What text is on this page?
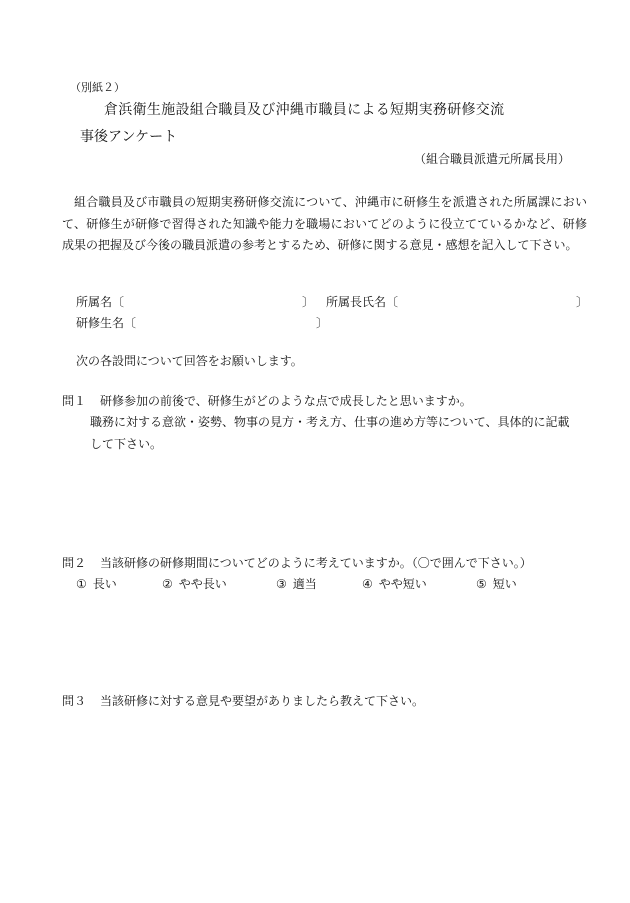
（別紙２）
倉浜衛生施設組合職員及び沖縄市職員による短期実務研修交流
事後アンケート
（組合職員派遣元所属長用）
組合職員及び市職員の短期実務研修交流について、沖縄市に研修生を派遣された所属課において、研修生が研修で習得された知識や能力を職場においてどのように役立てているかなど、研修成果の把握及び今後の職員派遣の参考とするため、研修に関する意見・感想を記入して下さい。
所属名〔	〕 所属長氏名〔	〕
研修生名〔	〕
次の各設問について回答をお願いします。
問１ 研修参加の前後で、研修生がどのような点で成長したと思いますか。
職務に対する意欲・姿勢、物事の見方・考え方、仕事の進め方等について、具体的に記載して下さい。
問２ 当該研修の研修期間についてどのように考えていますか。（〇で囲んで下さい。）
① 長い	② やや長い	③ 適当	④ やや短い	⑤ 短い
問３ 当該研修に対する意見や要望がありましたら教えて下さい。
